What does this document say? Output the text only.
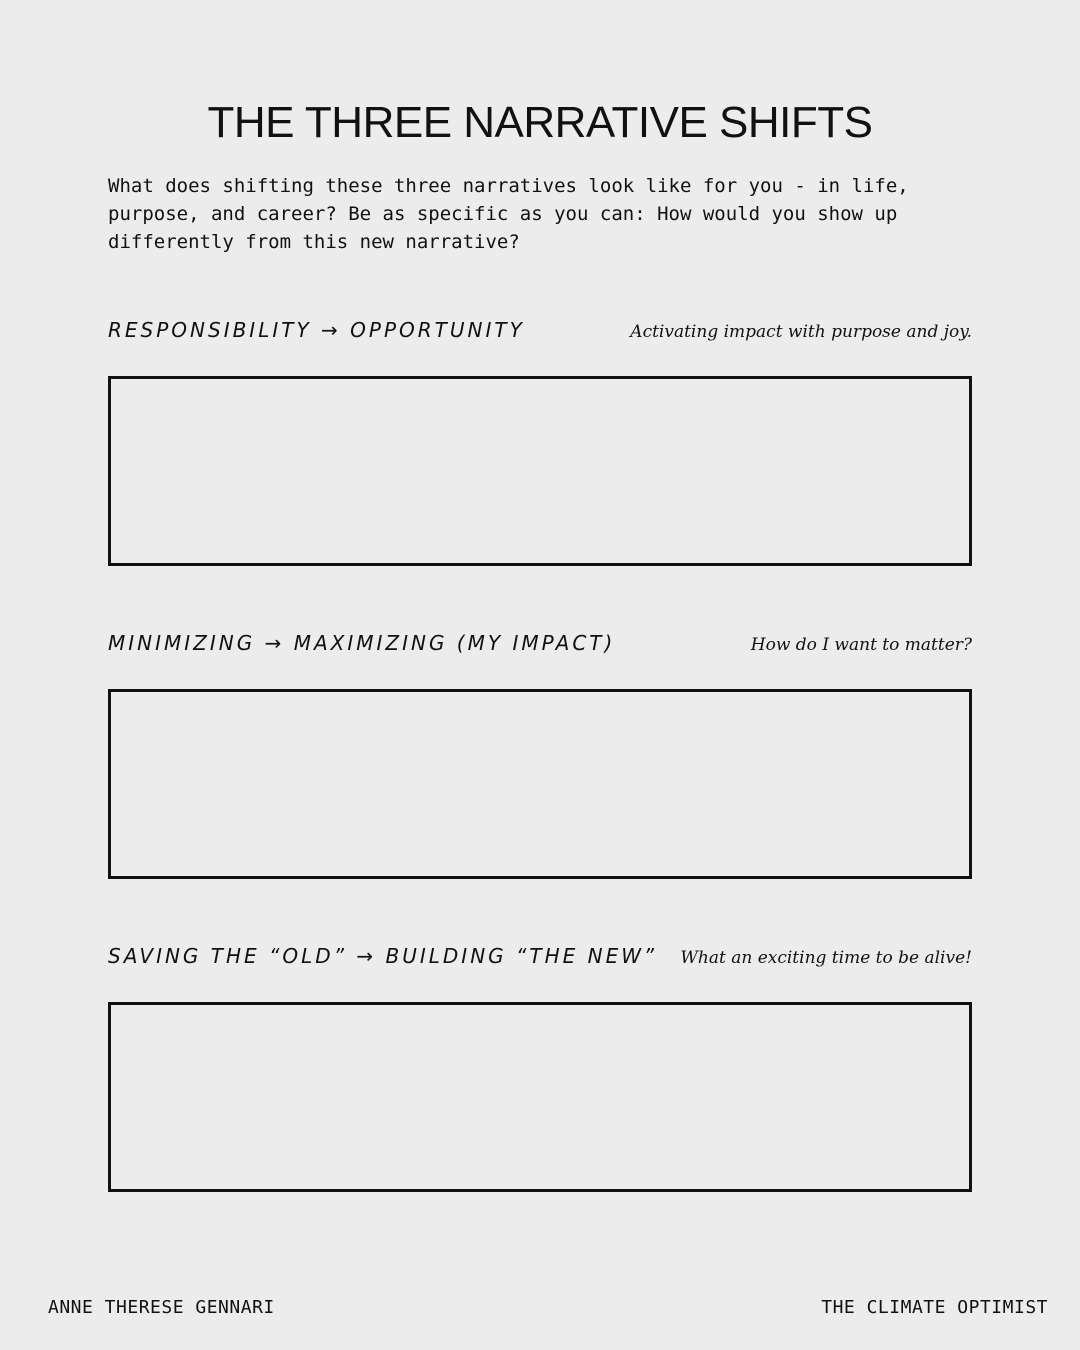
THE THREE NARRATIVE SHIFTS

What does shifting these three narratives look like for you - in life,
purpose, and career? Be as specific as you can: How would you show up
differently from this new narrative?

RESPONSIBILITY → OPPORTUNITY	Activating impact with purpose and joy.
MINIMIZING → MAXIMIZING (MY IMPACT)	How do I want to matter?
SAVING THE “OLD” → BUILDING “THE NEW” What an exciting time to be alive!
ANNE THERESE GENNARI	THE CLIMATE OPTIMIST
